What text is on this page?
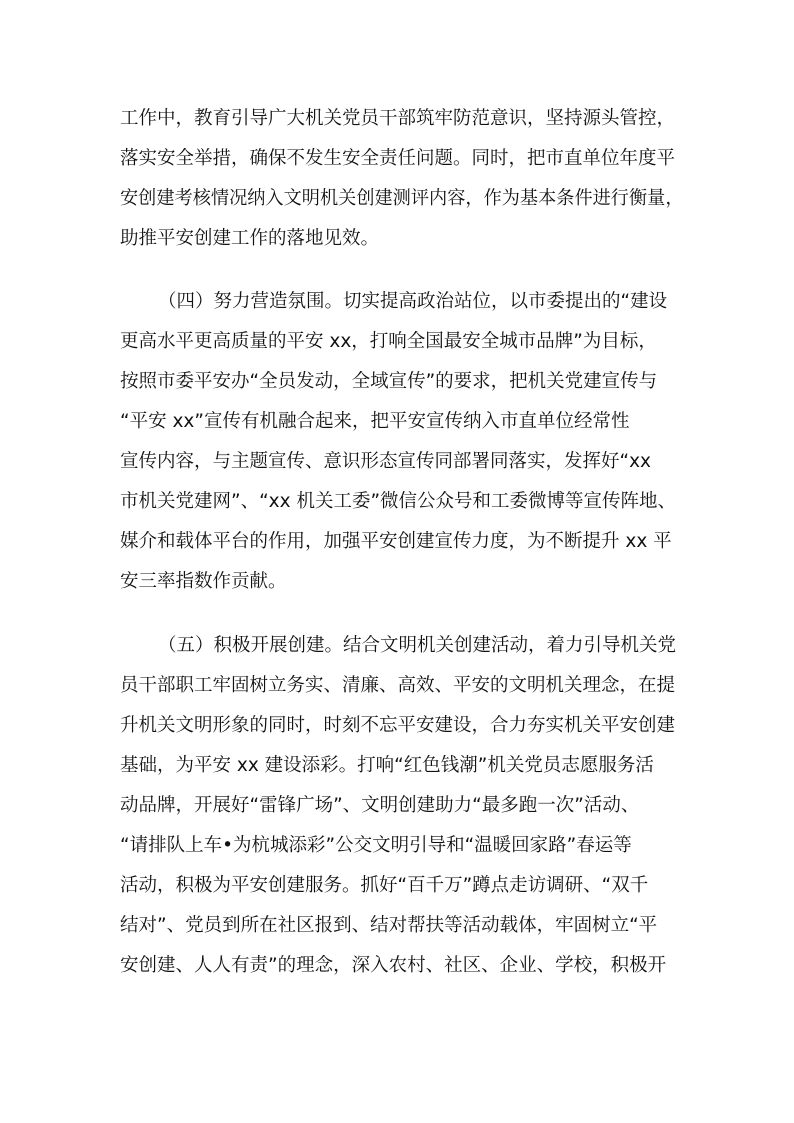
工作中，教育引导广大机关党员干部筑牢防范意识，坚持源头管控，
落实安全举措，确保不发生安全责任问题。同时，把市直单位年度平
安创建考核情况纳入文明机关创建测评内容，作为基本条件进行衡量，
助推平安创建工作的落地见效。
（四）努力营造氛围。切实提高政治站位，以市委提出的“建设
更高水平更高质量的平安 xx，打响全国最安全城市品牌”为目标，
按照市委平安办“全员发动，全域宣传”的要求，把机关党建宣传与
“平安 xx”宣传有机融合起来，把平安宣传纳入市直单位经常性
宣传内容，与主题宣传、意识形态宣传同部署同落实，发挥好“xx
市机关党建网”、“xx 机关工委”微信公众号和工委微博等宣传阵地、
媒介和载体平台的作用，加强平安创建宣传力度，为不断提升 xx 平
安三率指数作贡献。
（五）积极开展创建。结合文明机关创建活动，着力引导机关党
员干部职工牢固树立务实、清廉、高效、平安的文明机关理念，在提
升机关文明形象的同时，时刻不忘平安建设，合力夯实机关平安创建
基础，为平安 xx 建设添彩。打响“红色钱潮”机关党员志愿服务活
动品牌，开展好“雷锋广场”、文明创建助力“最多跑一次”活动、
“请排队上车•为杭城添彩”公交文明引导和“温暖回家路”春运等
活动，积极为平安创建服务。抓好“百千万”蹲点走访调研、“双千
结对”、党员到所在社区报到、结对帮扶等活动载体，牢固树立“平
安创建、人人有责”的理念，深入农村、社区、企业、学校，积极开
